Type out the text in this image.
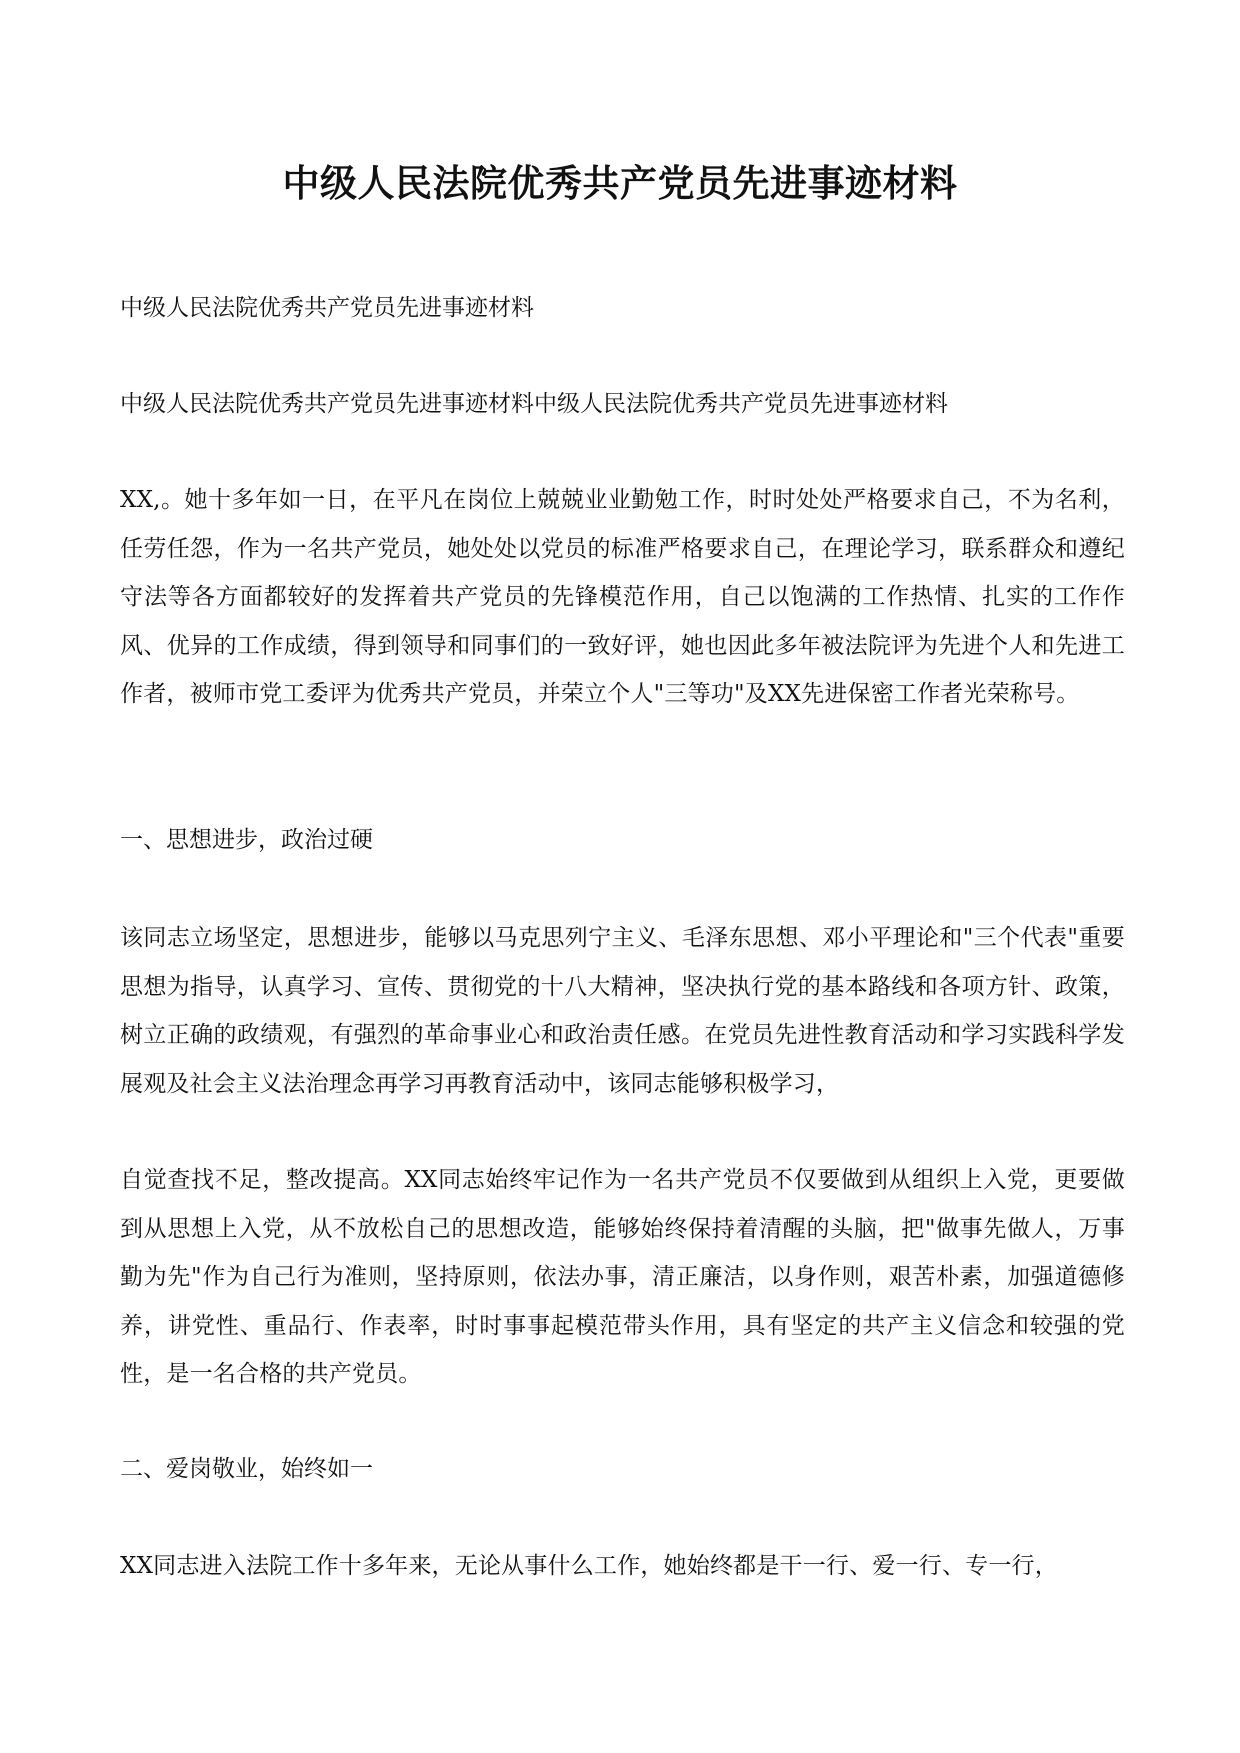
中级人民法院优秀共产党员先进事迹材料

中级人民法院优秀共产党员先进事迹材料

中级人民法院优秀共产党员先进事迹材料中级人民法院优秀共产党员先进事迹材料

XX,。她十多年如一日，在平凡在岗位上兢兢业业勤勉工作，时时处处严格要求自己，不为名利，任劳任怨，作为一名共产党员，她处处以党员的标准严格要求自己，在理论学习，联系群众和遵纪守法等各方面都较好的发挥着共产党员的先锋模范作用，自己以饱满的工作热情、扎实的工作作风、优异的工作成绩，得到领导和同事们的一致好评，她也因此多年被法院评为先进个人和先进工作者，被师市党工委评为优秀共产党员，并荣立个人"三等功"及XX先进保密工作者光荣称号。

一、思想进步，政治过硬

该同志立场坚定，思想进步，能够以马克思列宁主义、毛泽东思想、邓小平理论和"三个代表"重要思想为指导，认真学习、宣传、贯彻党的十八大精神，坚决执行党的基本路线和各项方针、政策，树立正确的政绩观，有强烈的革命事业心和政治责任感。在党员先进性教育活动和学习实践科学发展观及社会主义法治理念再学习再教育活动中，该同志能够积极学习，

自觉查找不足，整改提高。XX同志始终牢记作为一名共产党员不仅要做到从组织上入党，更要做到从思想上入党，从不放松自己的思想改造，能够始终保持着清醒的头脑，把"做事先做人，万事勤为先"作为自己行为准则，坚持原则，依法办事，清正廉洁，以身作则，艰苦朴素，加强道德修养，讲党性、重品行、作表率，时时事事起模范带头作用，具有坚定的共产主义信念和较强的党性，是一名合格的共产党员。

二、爱岗敬业，始终如一

XX同志进入法院工作十多年来，无论从事什么工作，她始终都是干一行、爱一行、专一行，
